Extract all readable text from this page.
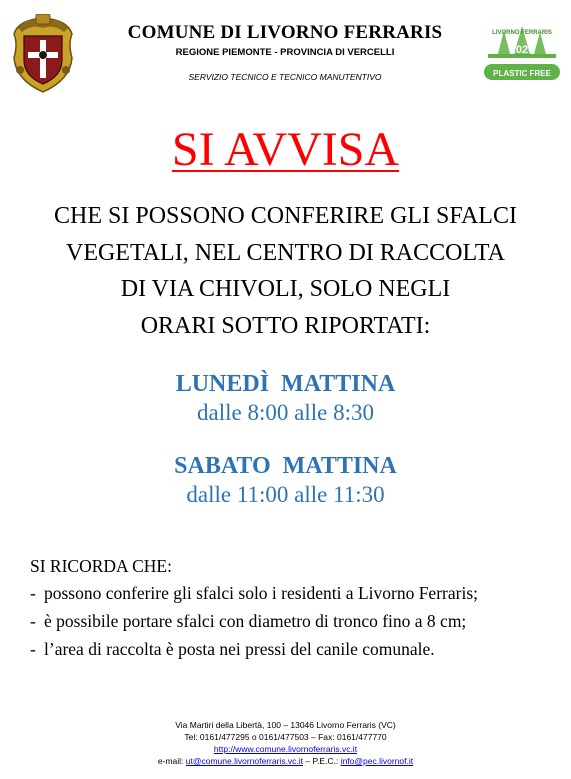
LIVORNO FERRARIS
2020
PLASTIC FREE
COMUNE DI LIVORNO FERRARIS
REGIONE PIEMONTE - PROVINCIA DI VERCELLI
SERVIZIO TECNICO E TECNICO MANUTENTIVO
SI AVVISA
CHE SI POSSONO CONFERIRE GLI SFALCI
VEGETALI, NEL CENTRO DI RACCOLTA
DI VIA CHIVOLI, SOLO NEGLI
ORARI SOTTO RIPORTATI:
LUNEDÌ  MATTINA
dalle 8:00 alle 8:30
SABATO  MATTINA
dalle 11:00 alle 11:30
SI RICORDA CHE:
- possono conferire gli sfalci solo i residenti a Livorno Ferraris;
- è possibile portare sfalci con diametro di tronco fino a 8 cm;
- l’area di raccolta è posta nei pressi del canile comunale.
Via Martiri della Libertà, 100 – 13046 Livorno Ferraris (VC)
Tel: 0161/477295 o 0161/477503 – Fax: 0161/477770
http://www.comune.livornoferraris.vc.it
e-mail: ut@comune.livornoferraris.vc.it – P.E.C.: info@pec.livornof.it
